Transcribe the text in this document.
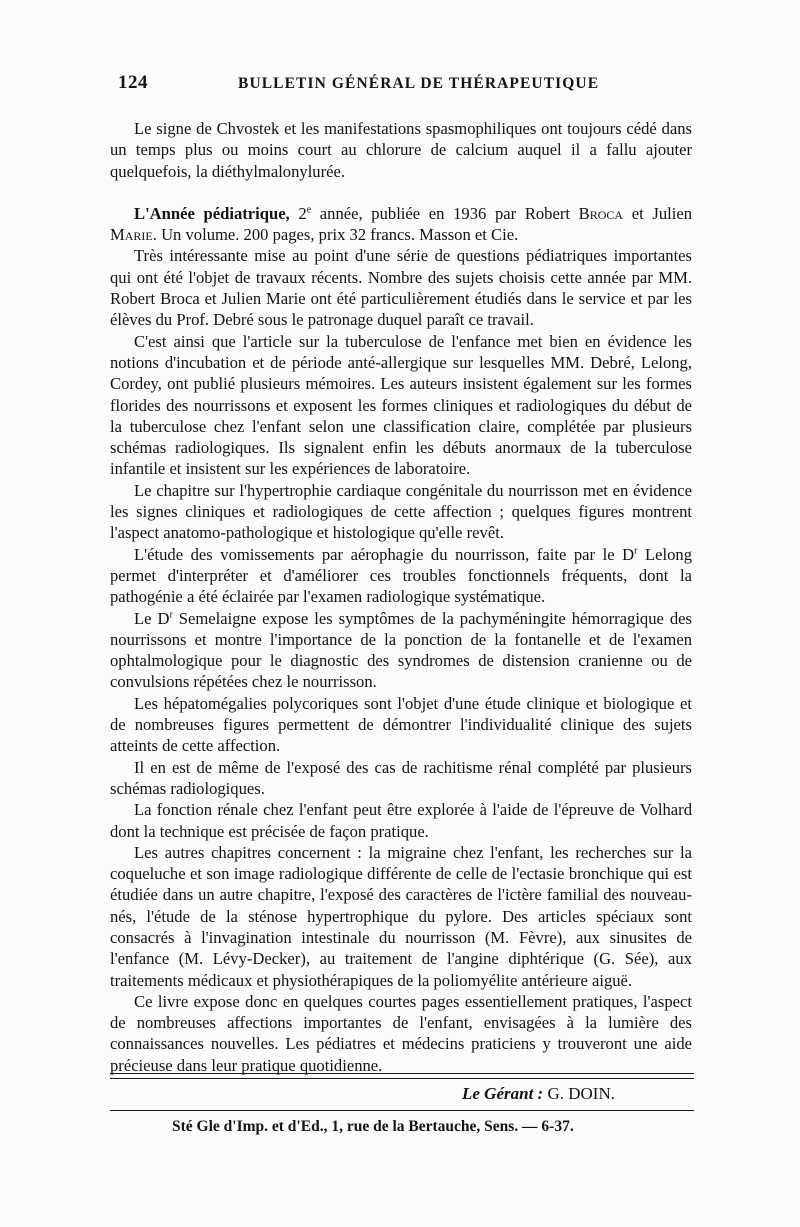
124	BULLETIN GÉNÉRAL DE THÉRAPEUTIQUE

Le signe de Chvostek et les manifestations spasmophiliques ont toujours cédé dans un temps plus ou moins court au chlorure de calcium auquel il a fallu ajouter quelquefois, la diéthylmalonylurée.

L'Année pédiatrique, 2e année, publiée en 1936 par Robert Broca et Julien Marie. Un volume. 200 pages, prix 32 francs. Masson et Cie.

Très intéressante mise au point d'une série de questions pédiatriques importantes qui ont été l'objet de travaux récents. Nombre des sujets choisis cette année par MM. Robert Broca et Julien Marie ont été particulièrement étudiés dans le service et par les élèves du Prof. Debré sous le patronage duquel paraît ce travail.

C'est ainsi que l'article sur la tuberculose de l'enfance met bien en évidence les notions d'incubation et de période anté-allergique sur lesquelles MM. Debré, Lelong, Cordey, ont publié plusieurs mémoires. Les auteurs insistent également sur les formes florides des nourrissons et exposent les formes cliniques et radiologiques du début de la tuberculose chez l'enfant selon une classification claire, complétée par plusieurs schémas radiologiques. Ils signalent enfin les débuts anormaux de la tuberculose infantile et insistent sur les expériences de laboratoire.

Le chapitre sur l'hypertrophie cardiaque congénitale du nourrisson met en évidence les signes cliniques et radiologiques de cette affection ; quelques figures montrent l'aspect anatomo-pathologique et histologique qu'elle revêt.

L'étude des vomissements par aérophagie du nourrisson, faite par le $D^r$ Lelong permet d'interpréter et d'améliorer ces troubles fonctionnels fréquents, dont la pathogénie a été éclairée par l'examen radiologique systématique.

Le $D^r$ Semelaigne expose les symptômes de la pachyméningite hémorragique des nourrissons et montre l'importance de la ponction de la fontanelle et de l'examen ophtalmologique pour le diagnostic des syndromes de distension cranienne ou de convulsions répétées chez le nourrisson.

Les hépatomégalies polycoriques sont l'objet d'une étude clinique et biologique et de nombreuses figures permettent de démontrer l'individualité clinique des sujets atteints de cette affection.

Il en est de même de l'exposé des cas de rachitisme rénal complété par plusieurs schémas radiologiques.

La fonction rénale chez l'enfant peut être explorée à l'aide de l'épreuve de Volhard dont la technique est précisée de façon pratique.

Les autres chapitres concernent : la migraine chez l'enfant, les recherches sur la coqueluche et son image radiologique différente de celle de l'ectasie bronchique qui est étudiée dans un autre chapitre, l'exposé des caractères de l'ictère familial des nouveau-nés, l'étude de la sténose hypertrophique du pylore. Des articles spéciaux sont consacrés à l'invagination intestinale du nourrisson (M. Fèvre), aux sinusites de l'enfance (M. Lévy-Decker), au traitement de l'angine diphtérique (G. Sée), aux traitements médicaux et physiothérapiques de la poliomyélite antérieure aiguë.

Ce livre expose donc en quelques courtes pages essentiellement pratiques, l'aspect de nombreuses affections importantes de l'enfant, envisagées à la lumière des connaissances nouvelles. Les pédiatres et médecins praticiens y trouveront une aide précieuse dans leur pratique quotidienne.

Le Gérant : G. DOIN.
Sté Gle d'Imp. et d'Ed., 1, rue de la Bertauche, Sens. — 6-37.
